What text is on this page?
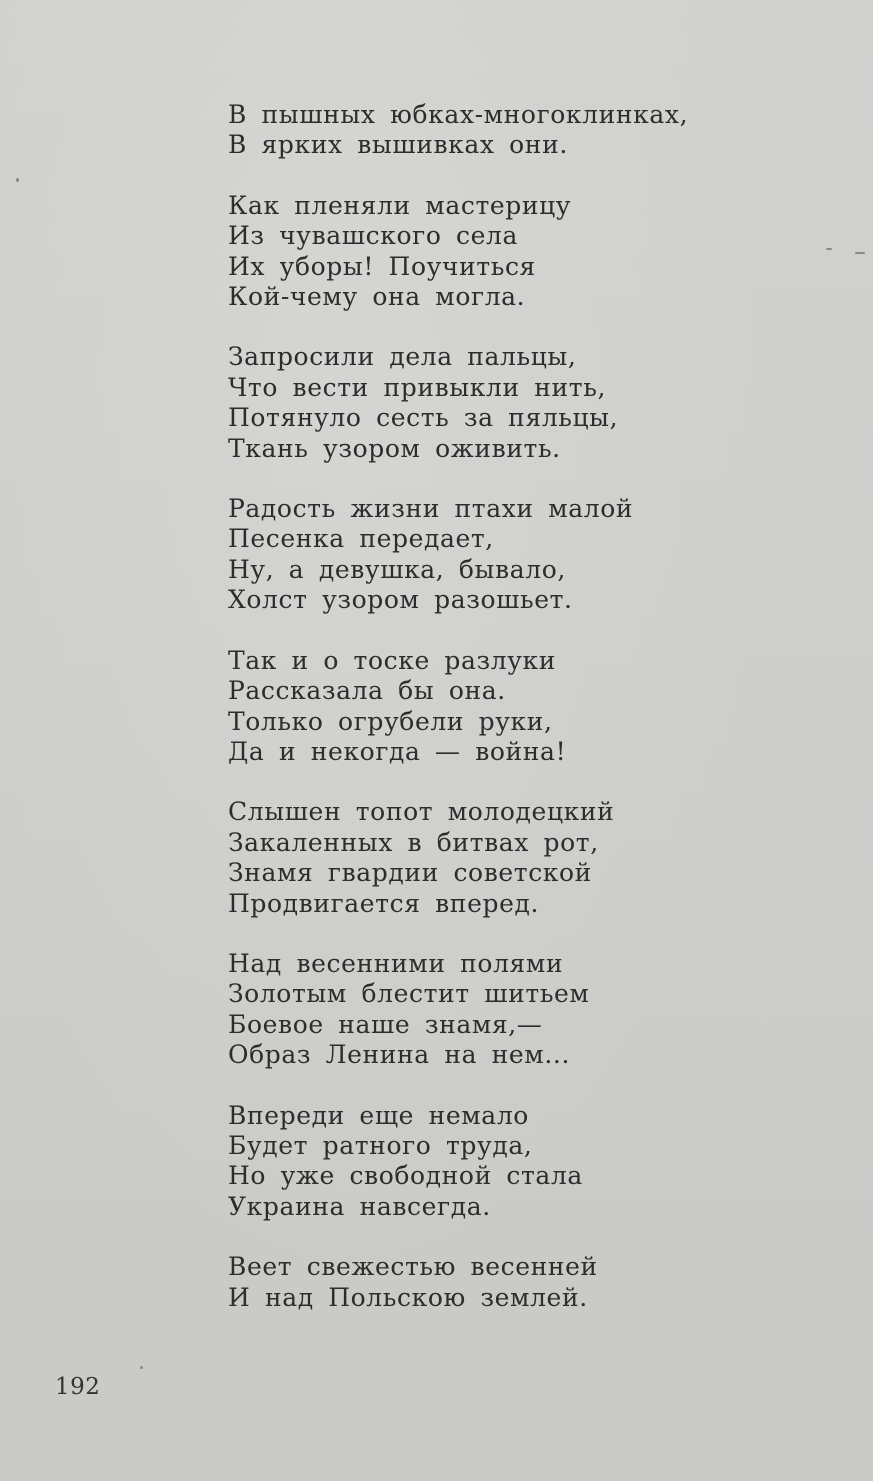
В пышных юбках-многоклинках,
В ярких вышивках они.
Как пленяли мастерицу
Из чувашского села
Их уборы! Поучиться
Кой-чему она могла.
Запросили дела пальцы,
Что вести привыкли нить,
Потянуло сесть за пяльцы,
Ткань узором оживить.
Радость жизни птахи малой
Песенка передает,
Ну, а девушка, бывало,
Холст узором разошьет.
Так и о тоске разлуки
Рассказала бы она.
Только огрубели руки,
Да и некогда — война!
Слышен топот молодецкий
Закаленных в битвах рот,
Знамя гвардии советской
Продвигается вперед.
Над весенними полями
Золотым блестит шитьем
Боевое наше знамя,—
Образ Ленина на нем...
Впереди еще немало
Будет ратного труда,
Но уже свободной стала
Украина навсегда.
Веет свежестью весенней
И над Польскою землей.
192
